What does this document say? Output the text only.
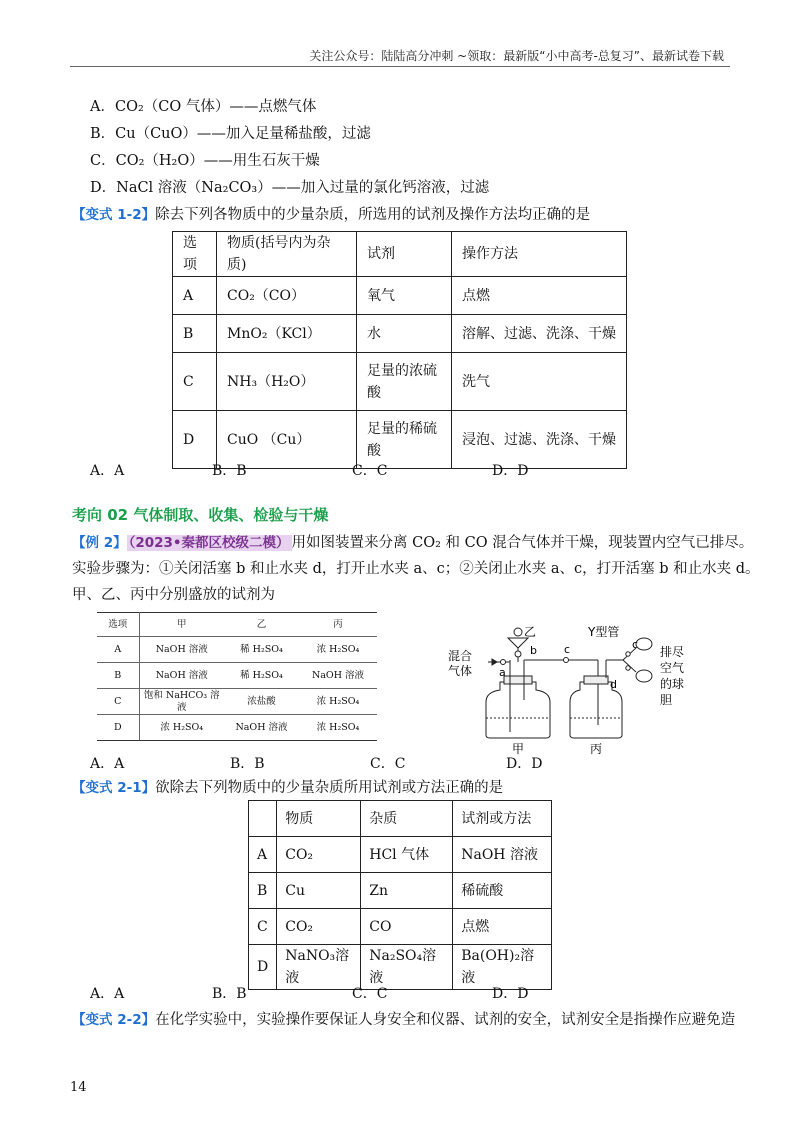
关注公众号：陆陆高分冲刺 ~领取：最新版“小中高考-总复习”、最新试卷下载
A．CO₂（CO 气体）——点燃气体
B．Cu（CuO）——加入足量稀盐酸，过滤
C．CO₂（H₂O）——用生石灰干燥
D．NaCl 溶液（Na₂CO₃）——加入过量的氯化钙溶液，过滤
【变式 1-2】除去下列各物质中的少量杂质，所选用的试剂及操作方法均正确的是
选项	物质(括号内为杂质)	试剂	操作方法
A	CO₂（CO）	氧气	点燃
B	MnO₂（KCl）	水	溶解、过滤、洗涤、干燥
C	NH₃（H₂O）	足量的浓硫酸	洗气
D	CuO （Cu）	足量的稀硫酸	浸泡、过滤、洗涤、干燥
A．A	B．B	C．C	D．D
考向 02 气体制取、收集、检验与干燥
【例 2】 （2023•秦都区校级二模） 用如图装置来分离 CO₂ 和 CO 混合气体并干燥，现装置内空气已排尽。
实验步骤为：①关闭活塞 b 和止水夹 d，打开止水夹 a、c；②关闭止水夹 a、c，打开活塞 b 和止水夹 d。
甲、乙、丙中分别盛放的试剂为
选项	甲	乙	丙
A	NaOH 溶液	稀 H₂SO₄	浓 H₂SO₄
B	NaOH 溶液	稀 H₂SO₄	NaOH 溶液
C	饱和 NaHCO₃ 溶液	浓盐酸	浓 H₂SO₄
D	浓 H₂SO₄	NaOH 溶液	浓 H₂SO₄
混合
气体
乙
a
b c	c
d
Y型管
排尽
空气
的球
胆
甲	丙
A．A	B．B	C．C	D．D
【变式 2-1】欲除去下列物质中的少量杂质所用试剂或方法正确的是
	物质	杂质	试剂或方法
A	CO₂	HCl 气体	NaOH 溶液
B	Cu	Zn	稀硫酸
C	CO₂	CO	点燃
D	NaNO₃溶液	Na₂SO₄溶液	Ba(OH)₂溶液
A．A	B．B	C．C	D．D
【变式 2-2】在化学实验中，实验操作要保证人身安全和仪器、试剂的安全，试剂安全是指操作应避免造
14
